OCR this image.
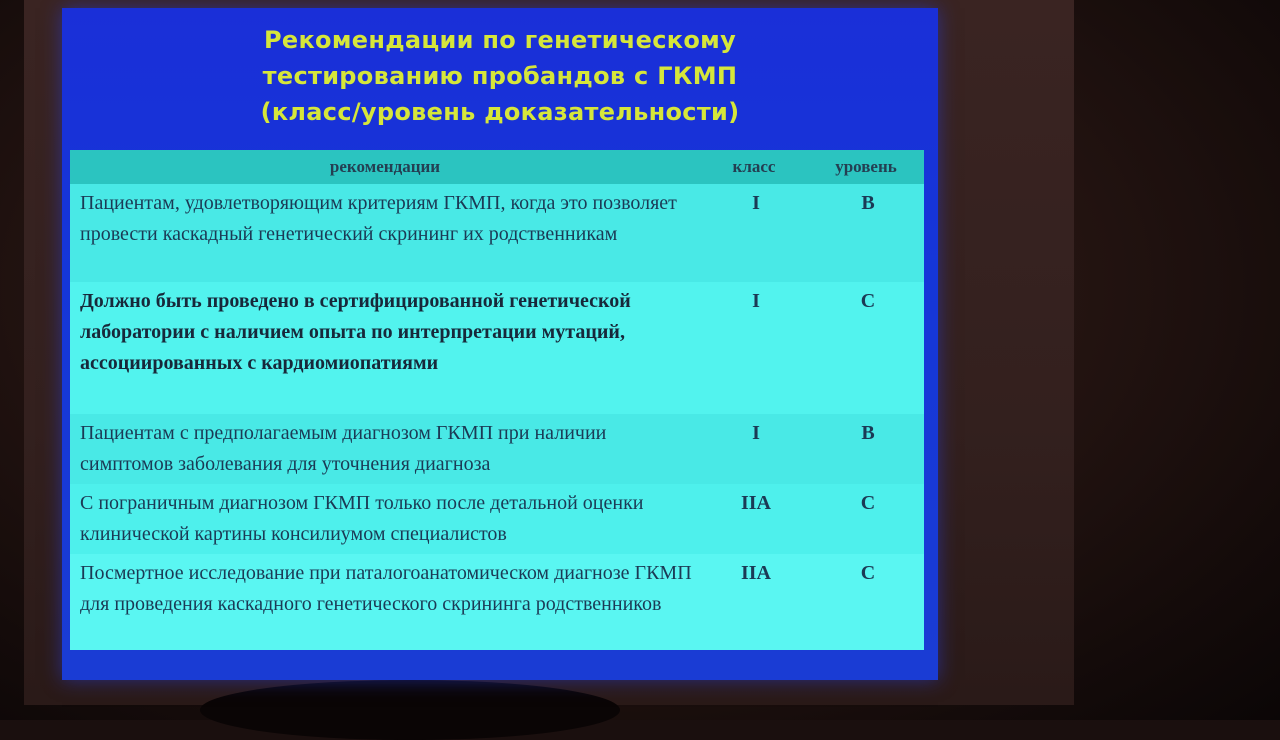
Рекомендации по генетическому
тестированию пробандов с ГКМП
(класс/уровень доказательности)
рекомендации	класс	уровень
Пациентам, удовлетворяющим критериям ГКМП, когда это позволяет провести каскадный генетический скрининг их родственникам	I	B
Должно быть проведено в сертифицированной генетической лаборатории с наличием опыта по интерпретации мутаций, ассоциированных с кардиомиопатиями	I	C
Пациентам с предполагаемым диагнозом ГКМП при наличии симптомов заболевания для уточнения диагноза	I	B
С пограничным диагнозом ГКМП только после детальной оценки клинической картины консилиумом специалистов	IIA	C
Посмертное исследование при паталогоанатомическом диагнозе ГКМП для проведения каскадного генетического скрининга родственников	IIA	C
